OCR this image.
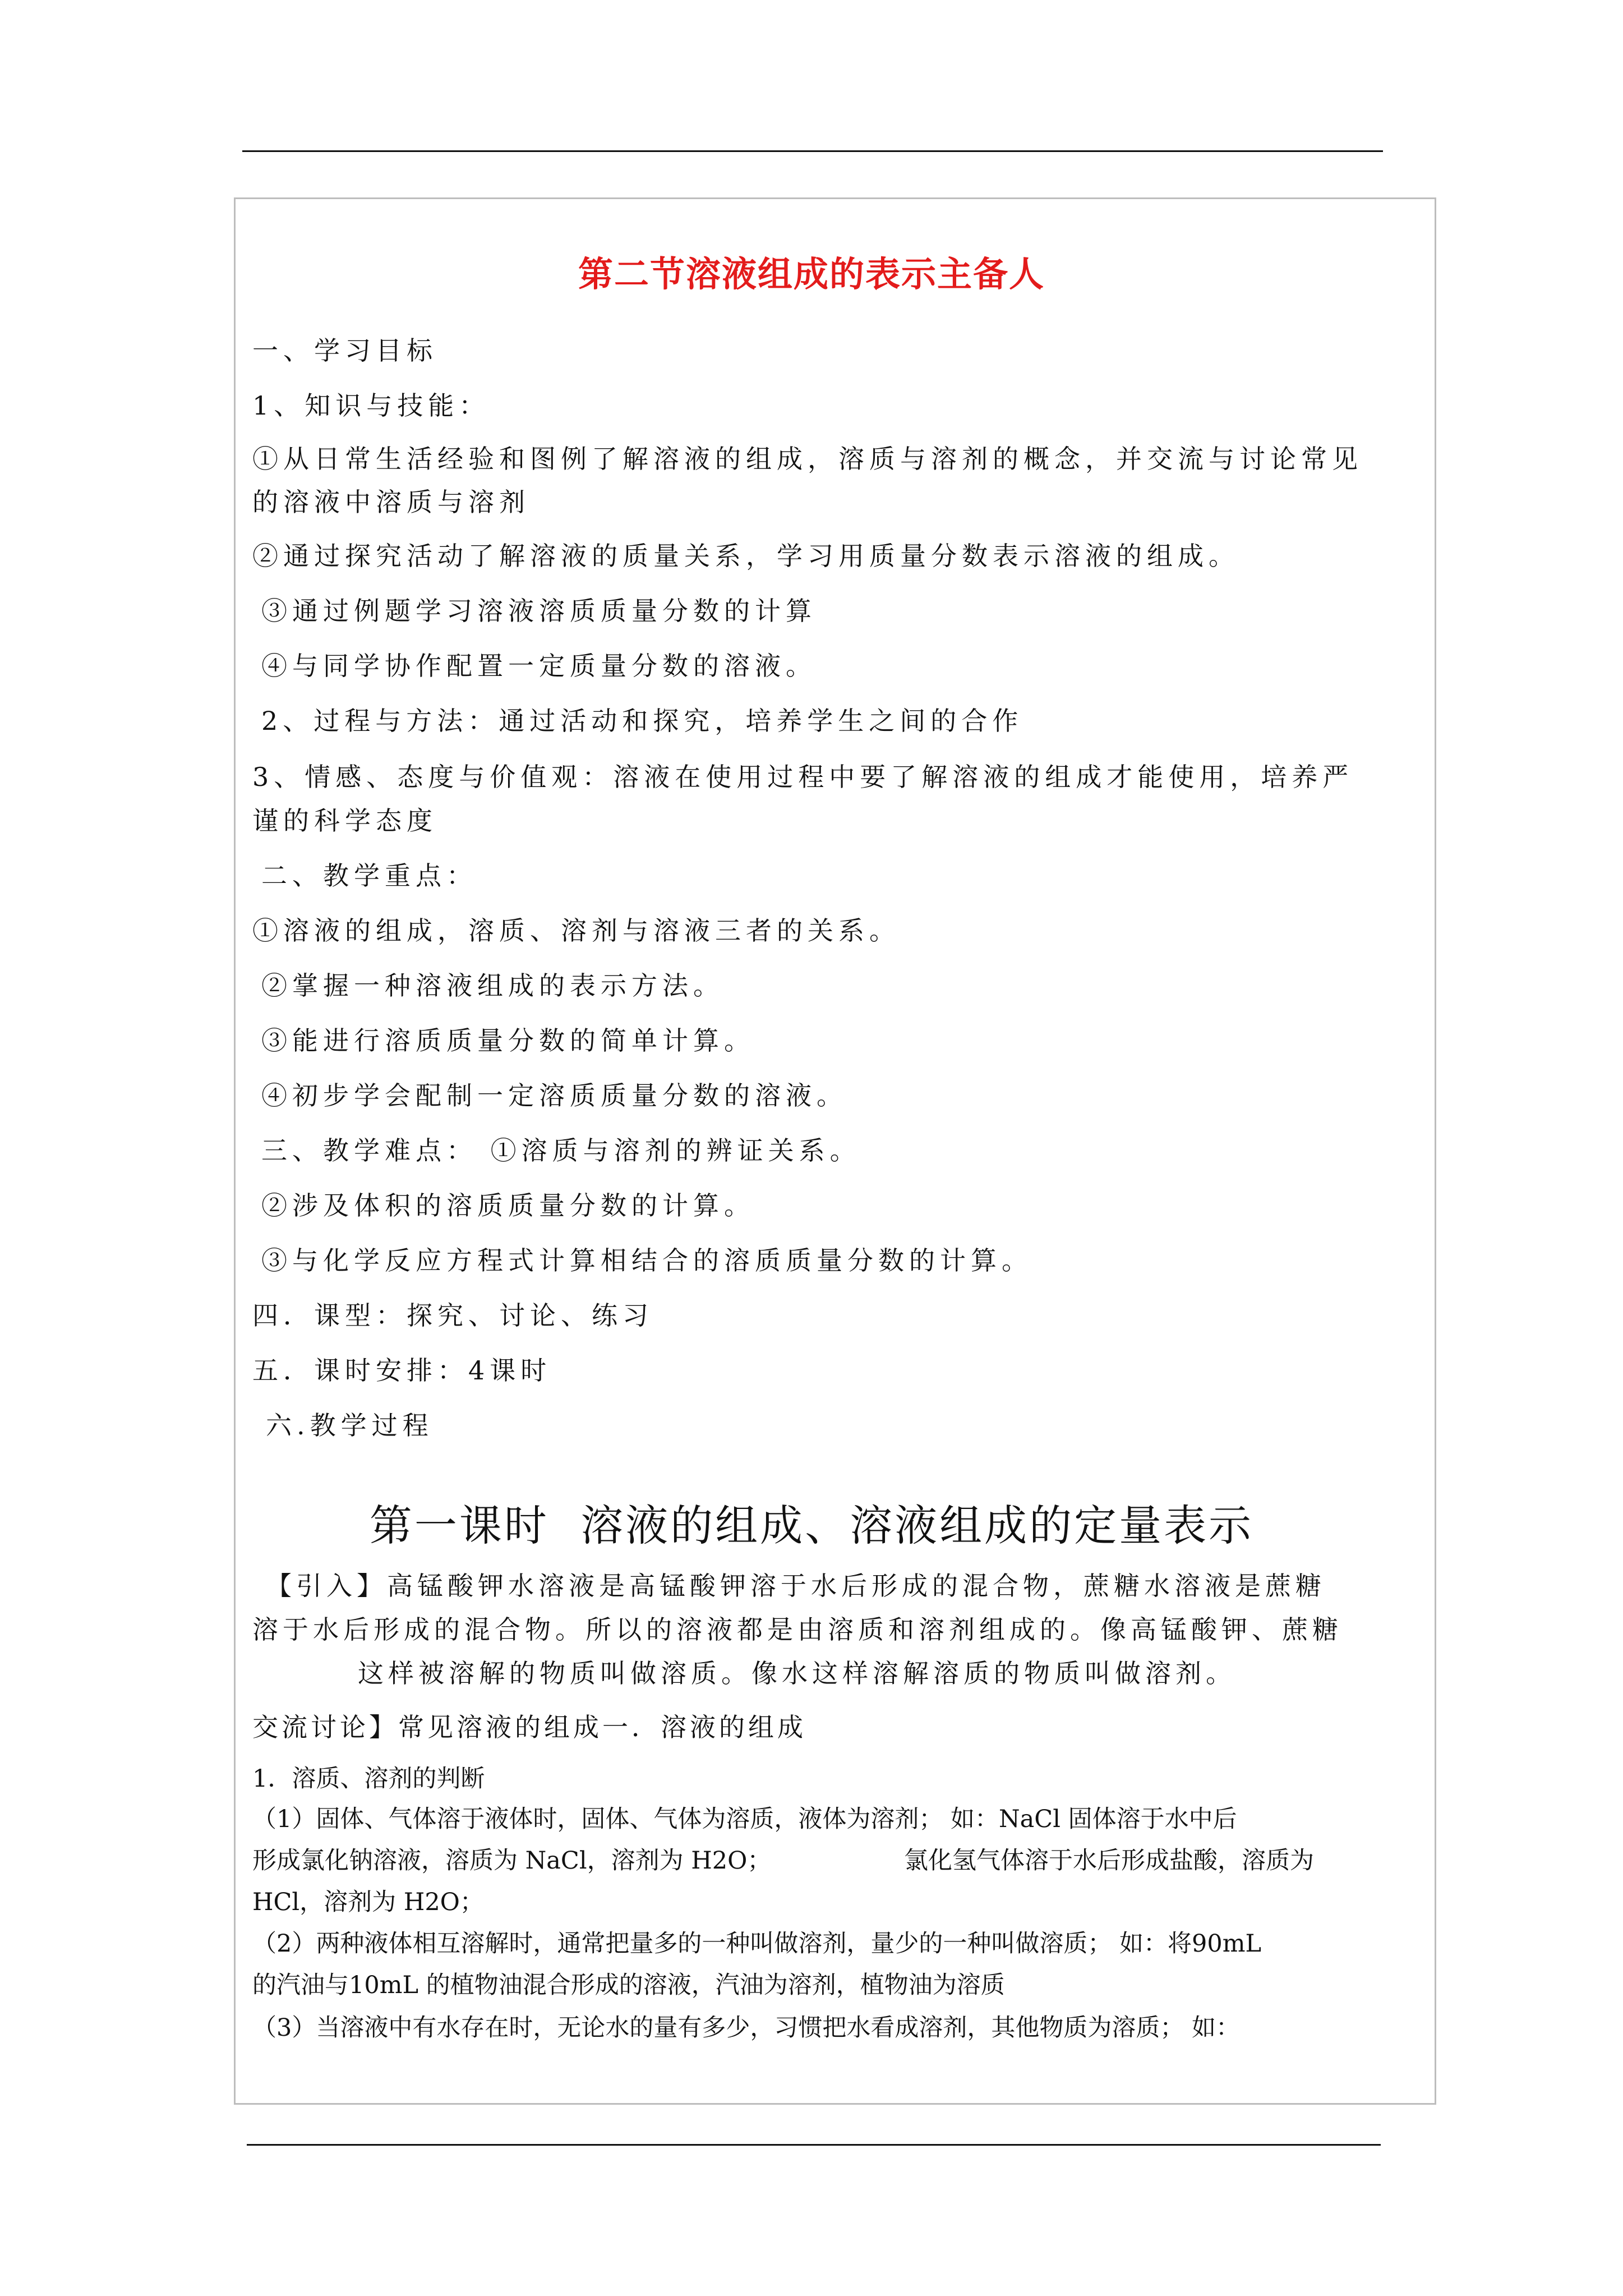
第二节溶液组成的表示主备人
一、学习目标
1、知识与技能：
①从日常生活经验和图例了解溶液的组成，溶质与溶剂的概念，并交流与讨论常见
的溶液中溶质与溶剂
②通过探究活动了解溶液的质量关系，学习用质量分数表示溶液的组成。
③通过例题学习溶液溶质质量分数的计算
④与同学协作配置一定质量分数的溶液。
2、过程与方法：通过活动和探究，培养学生之间的合作
3、情感、态度与价值观：溶液在使用过程中要了解溶液的组成才能使用，培养严
谨的科学态度
二、教学重点：
①溶液的组成，溶质、溶剂与溶液三者的关系。
②掌握一种溶液组成的表示方法。
③能进行溶质质量分数的简单计算。
④初步学会配制一定溶质质量分数的溶液。
三、教学难点： ①溶质与溶剂的辨证关系。
②涉及体积的溶质质量分数的计算。
③与化学反应方程式计算相结合的溶质质量分数的计算。
四．课型：探究、讨论、练习
五．课时安排：4课时
六.教学过程
第一课时  溶液的组成、溶液组成的定量表示
【引入】高锰酸钾水溶液是高锰酸钾溶于水后形成的混合物，蔗糖水溶液是蔗糖
溶于水后形成的混合物。所以的溶液都是由溶质和溶剂组成的。像高锰酸钾、蔗糖
这样被溶解的物质叫做溶质。像水这样溶解溶质的物质叫做溶剂。
交流讨论】常见溶液的组成一．溶液的组成
1．溶质、溶剂的判断
（1）固体、气体溶于液体时，固体、气体为溶质，液体为溶剂； 如：NaCl 固体溶于水中后
形成氯化钠溶液，溶质为 NaCl，溶剂为 H2O；	氯化氢气体溶于水后形成盐酸，溶质为
HCl，溶剂为 H2O；
（2）两种液体相互溶解时，通常把量多的一种叫做溶剂，量少的一种叫做溶质； 如：将90mL
的汽油与10mL 的植物油混合形成的溶液，汽油为溶剂，植物油为溶质
（3）当溶液中有水存在时，无论水的量有多少，习惯把水看成溶剂，其他物质为溶质； 如：
